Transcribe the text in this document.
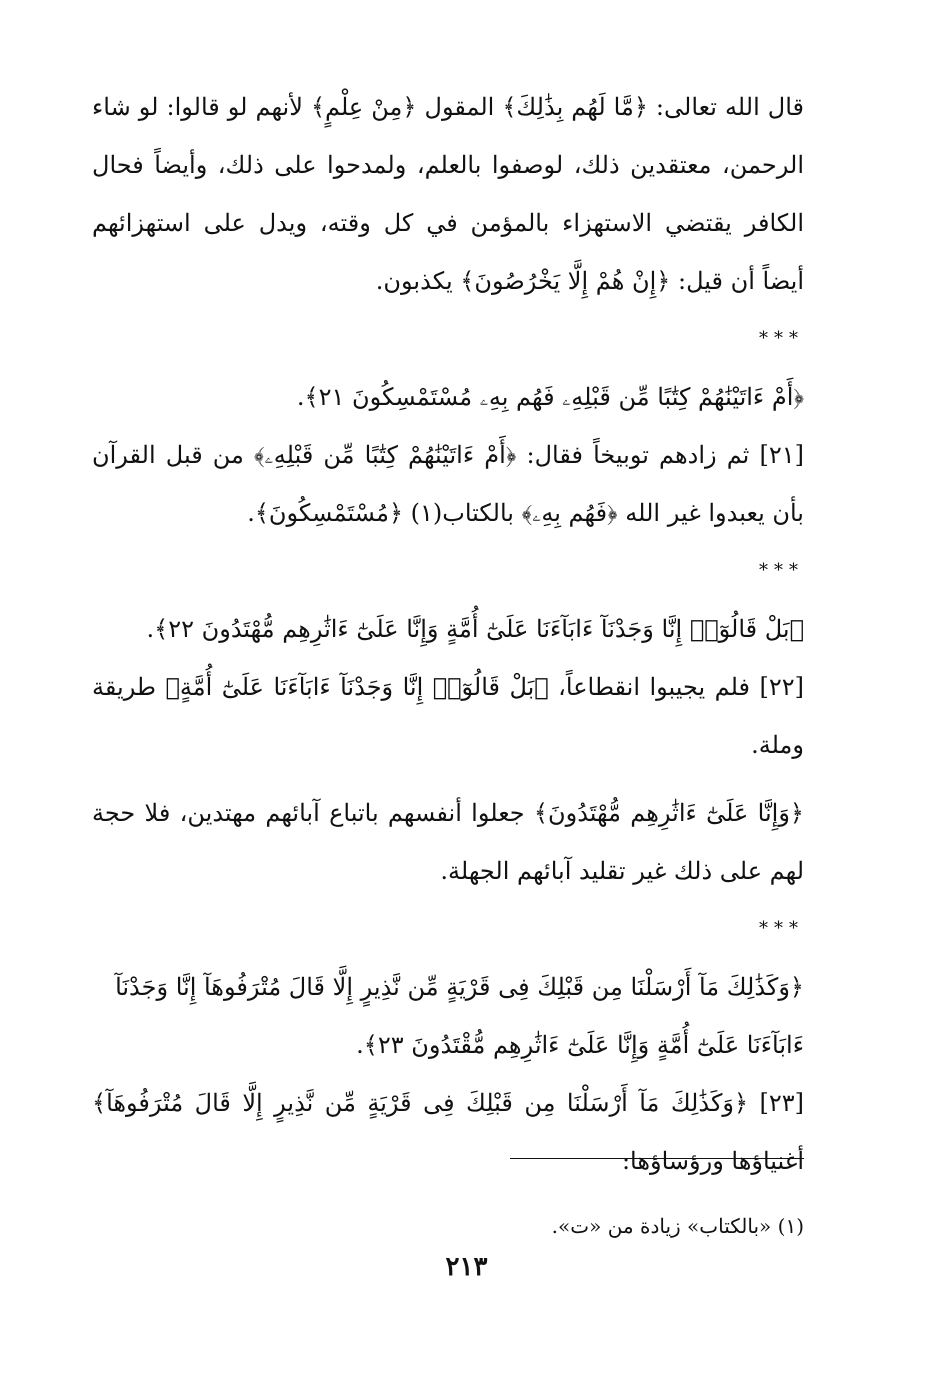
قال الله تعالى: ﴿مَّا لَهُم بِذَٰلِكَ﴾ المقول ﴿مِنْ عِلْمٍ﴾ لأنهم لو قالوا: لو شاء الرحمن، معتقدين ذلك، لوصفوا بالعلم، ولمدحوا على ذلك، وأيضاً فحال الكافر يقتضي الاستهزاء بالمؤمن في كل وقته، ويدل على استهزائهم أيضاً أن قيل: ﴿إِنْ هُمْ إِلَّا يَخْرُصُونَ﴾ يكذبون.

***

﴿أَمْ ءَاتَيْنَٰهُمْ كِتَٰبًا مِّن قَبْلِهِۦ فَهُم بِهِۦ مُسْتَمْسِكُونَ ٢١﴾.

[٢١] ثم زادهم توبيخاً فقال: ﴿أَمْ ءَاتَيْنَٰهُمْ كِتَٰبًا مِّن قَبْلِهِۦ﴾ من قبل القرآن بأن يعبدوا غير الله ﴿فَهُم بِهِۦ﴾ بالكتاب(١) ﴿مُسْتَمْسِكُونَ﴾.

***

﴿بَلْ قَالُوٓا۟ إِنَّا وَجَدْنَآ ءَابَآءَنَا عَلَىٰٓ أُمَّةٍ وَإِنَّا عَلَىٰٓ ءَاثَٰرِهِم مُّهْتَدُونَ ٢٢﴾.

[٢٢] فلم يجيبوا انقطاعاً، ﴿بَلْ قَالُوٓا۟ إِنَّا وَجَدْنَآ ءَابَآءَنَا عَلَىٰٓ أُمَّةٍ﴾ طريقة وملة.

﴿وَإِنَّا عَلَىٰٓ ءَاثَٰرِهِم مُّهْتَدُونَ﴾ جعلوا أنفسهم باتباع آبائهم مهتدين، فلا حجة لهم على ذلك غير تقليد آبائهم الجهلة.

***

﴿وَكَذَٰلِكَ مَآ أَرْسَلْنَا مِن قَبْلِكَ فِى قَرْيَةٍ مِّن نَّذِيرٍ إِلَّا قَالَ مُتْرَفُوهَآ إِنَّا وَجَدْنَآ ءَابَآءَنَا عَلَىٰٓ أُمَّةٍ وَإِنَّا عَلَىٰٓ ءَاثَٰرِهِم مُّقْتَدُونَ ٢٣﴾.

[٢٣] ﴿وَكَذَٰلِكَ مَآ أَرْسَلْنَا مِن قَبْلِكَ فِى قَرْيَةٍ مِّن نَّذِيرٍ إِلَّا قَالَ مُتْرَفُوهَآ﴾ أغنياؤها ورؤساؤها:

(١) «بالكتاب» زيادة من «ت».

٢١٣
